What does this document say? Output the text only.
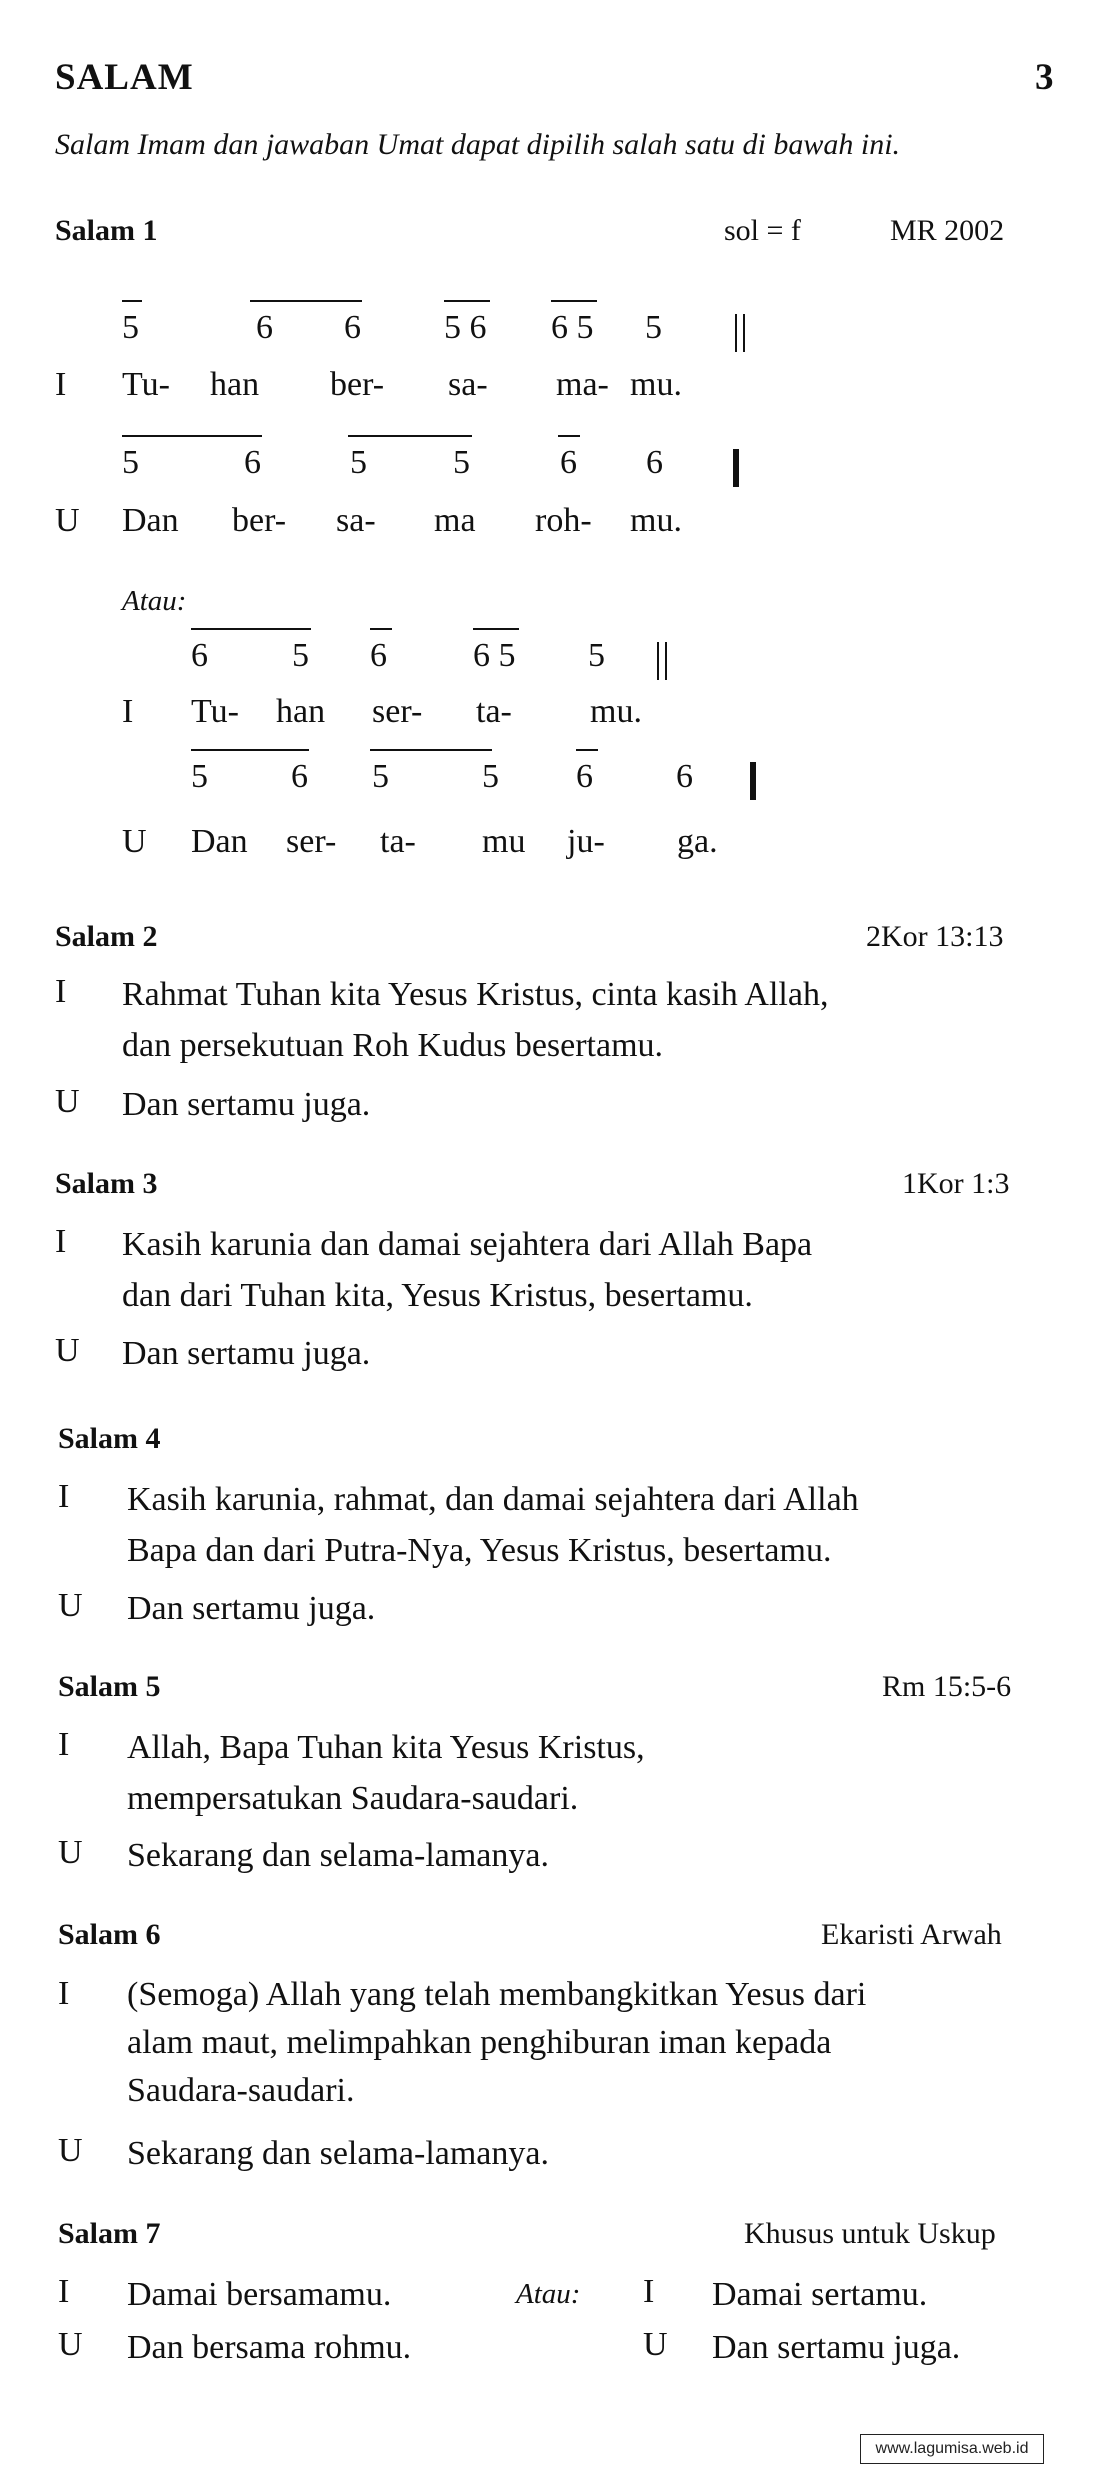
SALAM	3
Salam Imam dan jawaban Umat dapat dipilih salah satu di bawah ini.
Salam 1	sol = f	MR 2002
5	6 6 5 6 6 5 5
I Tu- han ber- sa- ma- mu.
5	6	5	5	6 6
U Dan ber- sa- ma roh- mu.
Atau:
6 5 6	6 5 5
I Tu- han ser- ta- mu.
5 6 5	5 6 6
U Dan ser- ta- mu ju- ga.
Salam 2	2Kor 13:13
I Rahmat Tuhan kita Yesus Kristus, cinta kasih Allah,
dan persekutuan Roh Kudus besertamu.
U Dan sertamu juga.
Salam 3	1Kor 1:3
I Kasih karunia dan damai sejahtera dari Allah Bapa
dan dari Tuhan kita, Yesus Kristus, besertamu.
U Dan sertamu juga.
Salam 4
I Kasih karunia, rahmat, dan damai sejahtera dari Allah
Bapa dan dari Putra-Nya, Yesus Kristus, besertamu.
U Dan sertamu juga.
Salam 5	Rm 15:5-6
I Allah, Bapa Tuhan kita Yesus Kristus,
mempersatukan Saudara-saudari.
U Sekarang dan selama-lamanya.
Salam 6	Ekaristi Arwah
I (Semoga) Allah yang telah membangkitkan Yesus dari
alam maut, melimpahkan penghiburan iman kepada
Saudara-saudari.
U Sekarang dan selama-lamanya.
Salam 7	Khusus untuk Uskup
I Damai bersamamu.
U Dan bersama rohmu.
Atau: I Damai sertamu.
U Dan sertamu juga.
www.lagumisa.web.id
